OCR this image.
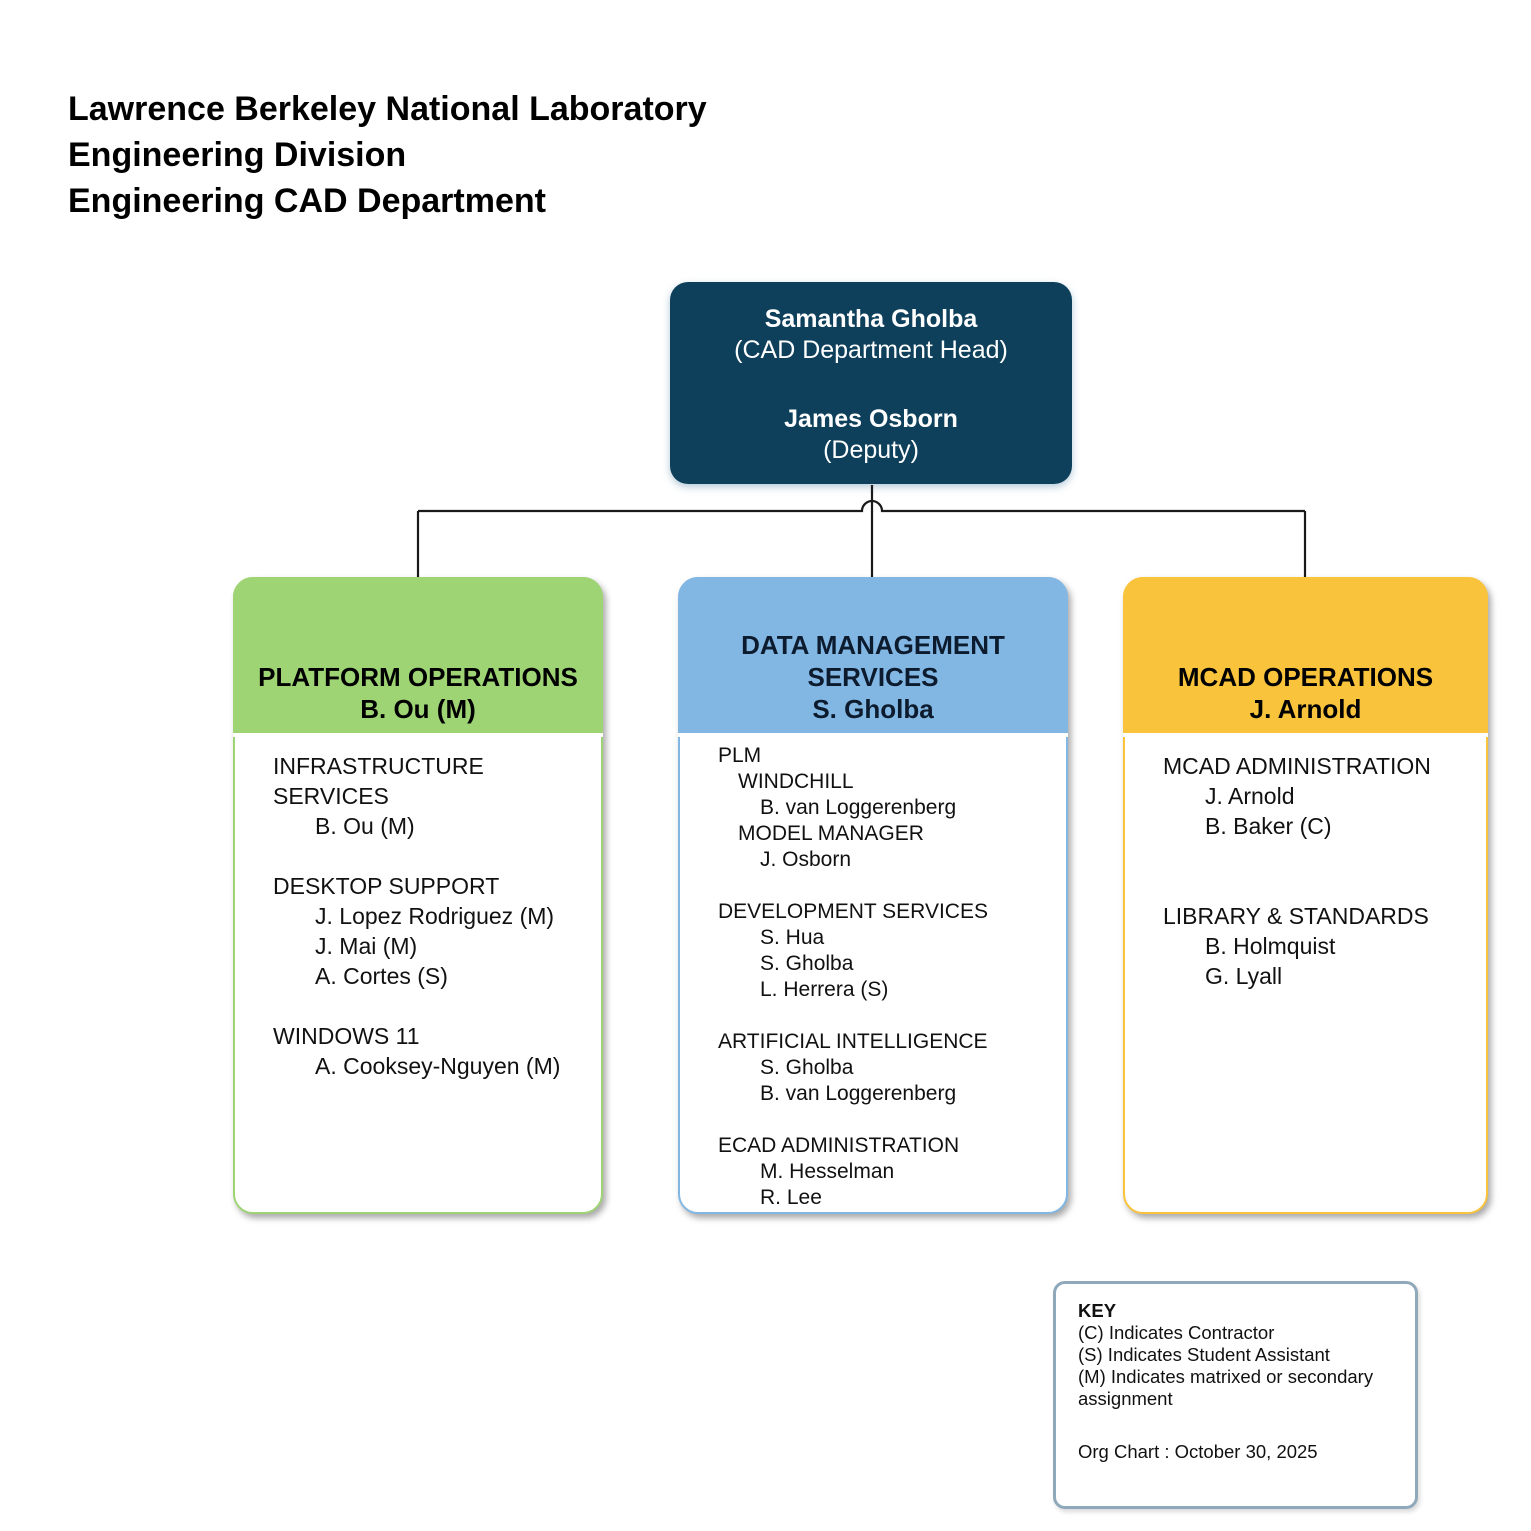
Lawrence Berkeley National Laboratory
Engineering Division
Engineering CAD Department
Samantha Gholba
(CAD Department Head)
James Osborn
(Deputy)
PLATFORM OPERATIONS
B. Ou (M)
INFRASTRUCTURE SERVICES
B. Ou (M)

DESKTOP SUPPORT
J. Lopez Rodriguez (M)
J. Mai (M)
A. Cortes (S)

WINDOWS 11
A. Cooksey-Nguyen (M)
DATA MANAGEMENT SERVICES
S. Gholba
PLM
WINDCHILL
B. van Loggerenberg
MODEL MANAGER
J. Osborn

DEVELOPMENT SERVICES
S. Hua
S. Gholba
L. Herrera (S)

ARTIFICIAL INTELLIGENCE
S. Gholba
B. van Loggerenberg

ECAD ADMINISTRATION
M. Hesselman
R. Lee
MCAD OPERATIONS
J. Arnold
MCAD ADMINISTRATION
J. Arnold
B. Baker (C)

LIBRARY & STANDARDS
B. Holmquist
G. Lyall
KEY
(C) Indicates Contractor
(S) Indicates Student Assistant
(M) Indicates matrixed or secondary assignment
Org Chart : October 30, 2025
